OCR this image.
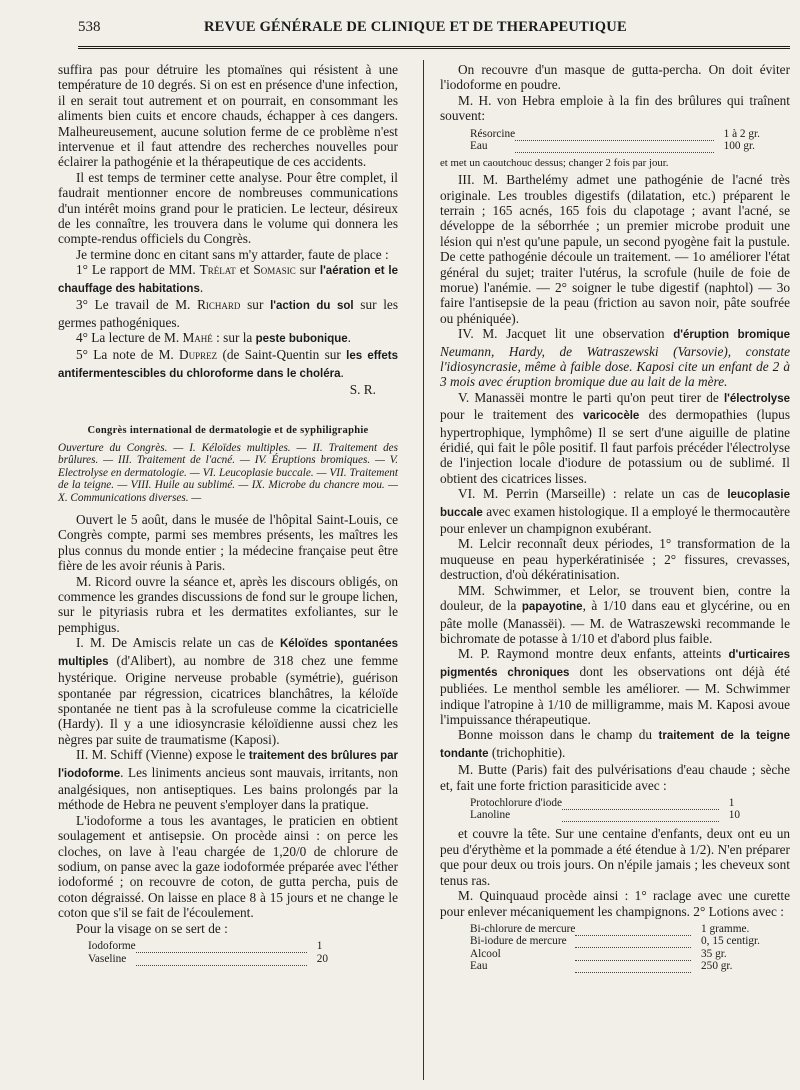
538	REVUE GÉNÉRALE DE CLINIQUE ET DE THERAPEUTIQUE

suffira pas pour détruire les ptomaïnes qui résistent à une température de 10 degrés. Si on est en présence d'une infection, il en serait tout autrement et on pourrait, en consommant les aliments bien cuits et encore chauds, échapper à ces dangers. Malheureusement, aucune solution ferme de ce problème n'est intervenue et il faut attendre des recherches nouvelles pour éclairer la pathogénie et la thérapeutique de ces accidents.

Il est temps de terminer cette analyse. Pour être complet, il faudrait mentionner encore de nombreuses communications d'un intérêt moins grand pour le praticien. Le lecteur, désireux de les connaître, les trouvera dans le volume qui donnera les compte-rendus officiels du Congrès.

Je termine donc en citant sans m'y attarder, faute de place :

1° Le rapport de MM. Trélat et Somasic sur l'aération et le chauffage des habitations.

3° Le travail de M. Richard sur l'action du sol sur les germes pathogéniques.

4° La lecture de M. Mahé : sur la peste bubonique.

5° La note de M. Duprez (de Saint-Quentin sur les effets antifermentescibles du chloroforme dans le choléra.

S. R.

Congrès international de dermatologie et de syphiligraphie
Ouverture du Congrès. — I. Kéloïdes multiples. — II. Traitement des brûlures. — III. Traitement de l'acné. — IV. Éruptions bromiques. — V. Electrolyse en dermatologie. — VI. Leucoplasie buccale. — VII. Traitement de la teigne. — VIII. Huile au sublimé. — IX. Microbe du chancre mou. — X. Communications diverses. —

Ouvert le 5 août, dans le musée de l'hôpital Saint-Louis, ce Congrès compte, parmi ses membres présents, les maîtres les plus connus du monde entier ; la médecine française peut être fière de les avoir réunis à Paris.

M. Ricord ouvre la séance et, après les discours obligés, on commence les grandes discussions de fond sur le groupe lichen, sur le pityriasis rubra et les dermatites exfoliantes, sur le pemphigus.

I. M. De Amiscis relate un cas de Kéloïdes spontanées multiples (d'Alibert), au nombre de 318 chez une femme hystérique. Origine nerveuse probable (symétrie), guérison spontanée par régression, cicatrices blanchâtres, la kéloïde spontanée ne tient pas à la scrofuleuse comme la cicatricielle (Hardy). Il y a une idiosyncrasie kéloïdienne aussi chez les nègres par suite de traumatisme (Kaposi).

II. M. Schiff (Vienne) expose le traitement des brûlures par l'iodoforme. Les liniments ancieus sont mauvais, irritants, non analgésiques, non antiseptiques. Les bains prolongés par la méthode de Hebra ne peuvent s'employer dans la pratique.

L'iodoforme a tous les avantages, le praticien en obtient soulagement et antisepsie. On procède ainsi : on perce les cloches, on lave à l'eau chargée de 1,20/0 de chlorure de sodium, on panse avec la gaze iodoformée préparée avec l'éther iodoformé ; on recouvre de coton, de gutta percha, puis de coton dégraissé. On laisse en place 8 à 15 jours et ne change le coton que s'il se fait de l'écoulement.

Pour la visage on se sert de :

Iodoforme		1
Vaseline		20

On recouvre d'un masque de gutta-percha. On doit éviter l'iodoforme en poudre.

M. H. von Hebra emploie à la fin des brûlures qui traînent souvent:

Résorcine		1 à 2 gr.
Eau		100 gr.

et met un caoutchouc dessus; changer 2 fois par jour.

III. M. Barthelémy admet une pathogénie de l'acné très originale. Les troubles digestifs (dilatation, etc.) préparent le terrain ; 165 acnés, 165 fois du clapotage ; avant l'acné, se développe de la séborrhée ; un premier microbe produit une lésion qui n'est qu'une papule, un second pyogène fait la pustule. De cette pathogénie découle un traitement. — 1o améliorer l'état général du sujet; traiter l'utérus, la scrofule (huile de foie de morue) l'anémie. — 2° soigner le tube digestif (naphtol) — 3o faire l'antisepsie de la peau (friction au savon noir, pâte soufrée ou phéniquée).

IV. M. Jacquet lit une observation d'éruption bromique Neumann, Hardy, de Watraszewski (Varsovie), constate l'idiosyncrasie, même à faible dose. Kaposi cite un enfant de 2 à 3 mois avec éruption bromique due au lait de la mère.

V. Manassëi montre le parti qu'on peut tirer de l'électrolyse pour le traitement des varicocèle des dermopathies (lupus hypertrophique, lymphôme) Il se sert d'une aiguille de platine éridié, qui fait le pôle positif. Il faut parfois précéder l'électrolyse de l'injection locale d'iodure de potassium ou de sublimé. Il obtient des cicatrices lisses.

VI. M. Perrin (Marseille) : relate un cas de leucoplasie buccale avec examen histologique. Il a employé le thermocautère pour enlever un champignon exubérant.

M. Lelcir reconnaît deux périodes, 1° transformation de la muqueuse en peau hyperkératinisée ; 2° fissures, crevasses, destruction, d'où dékératinisation.

MM. Schwimmer, et Lelor, se trouvent bien, contre la douleur, de la papayotine, à 1/10 dans eau et glycérine, ou en pâte molle (Manassëi). — M. de Watraszewski recommande le bichromate de potasse à 1/10 et d'abord plus faible.

M. P. Raymond montre deux enfants, atteints d'urticaires pigmentés chroniques dont les observations ont déjà été publiées. Le menthol semble les améliorer. — M. Schwimmer indique l'atropine à 1/10 de milligramme, mais M. Kaposi avoue l'impuissance thérapeutique.

Bonne moisson dans le champ du traitement de la teigne tondante (trichophitie).

M. Butte (Paris) fait des pulvérisations d'eau chaude ; sèche et, fait une forte friction parasiticide avec :

Protochlorure d'iode		1
Lanoline		10

et couvre la tête. Sur une centaine d'enfants, deux ont eu un peu d'érythème et la pommade a été étendue à 1/2). N'en préparer que pour deux ou trois jours. On n'épile jamais ; les cheveux sont tenus ras.

M. Quinquaud procède ainsi : 1° raclage avec une curette pour enlever mécaniquement les champignons. 2° Lotions avec :

Bi-chlorure de mercure		1 gramme.
Bi-iodure de mercure		0, 15 centigr.
Alcool		35 gr.
Eau		250 gr.
